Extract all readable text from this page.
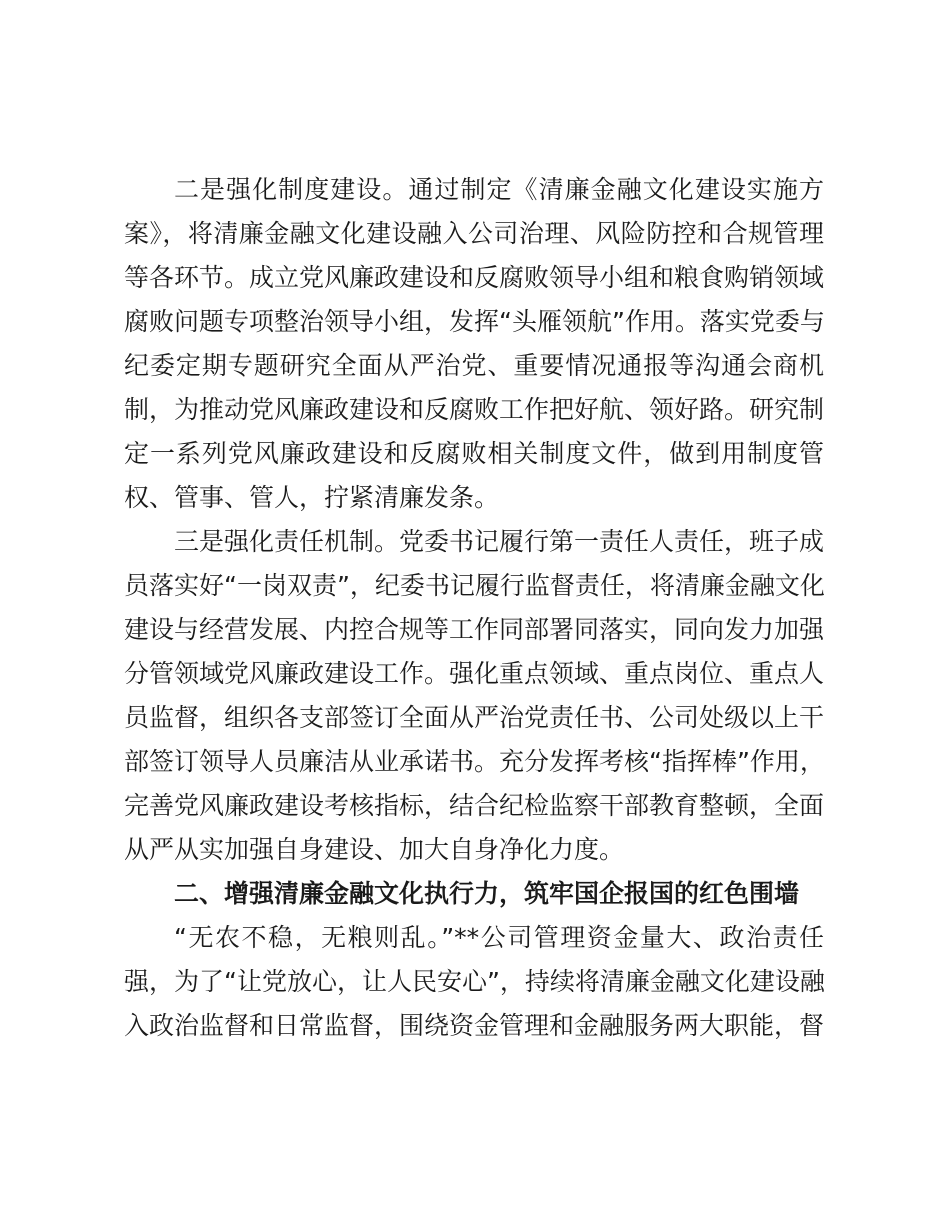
二是强化制度建设。通过制定《清廉金融文化建设实施方
案》，将清廉金融文化建设融入公司治理、风险防控和合规管理
等各环节。成立党风廉政建设和反腐败领导小组和粮食购销领域
腐败问题专项整治领导小组，发挥“头雁领航”作用。落实党委与
纪委定期专题研究全面从严治党、重要情况通报等沟通会商机
制，为推动党风廉政建设和反腐败工作把好航、领好路。研究制
定一系列党风廉政建设和反腐败相关制度文件，做到用制度管
权、管事、管人，拧紧清廉发条。
三是强化责任机制。党委书记履行第一责任人责任，班子成
员落实好“一岗双责”，纪委书记履行监督责任，将清廉金融文化
建设与经营发展、内控合规等工作同部署同落实，同向发力加强
分管领域党风廉政建设工作。强化重点领域、重点岗位、重点人
员监督，组织各支部签订全面从严治党责任书、公司处级以上干
部签订领导人员廉洁从业承诺书。充分发挥考核“指挥棒”作用，
完善党风廉政建设考核指标，结合纪检监察干部教育整顿，全面
从严从实加强自身建设、加大自身净化力度。
二、增强清廉金融文化执行力，筑牢国企报国的红色围墙
“无农不稳，无粮则乱。”**公司管理资金量大、政治责任
强，为了“让党放心，让人民安心”，持续将清廉金融文化建设融
入政治监督和日常监督，围绕资金管理和金融服务两大职能，督
